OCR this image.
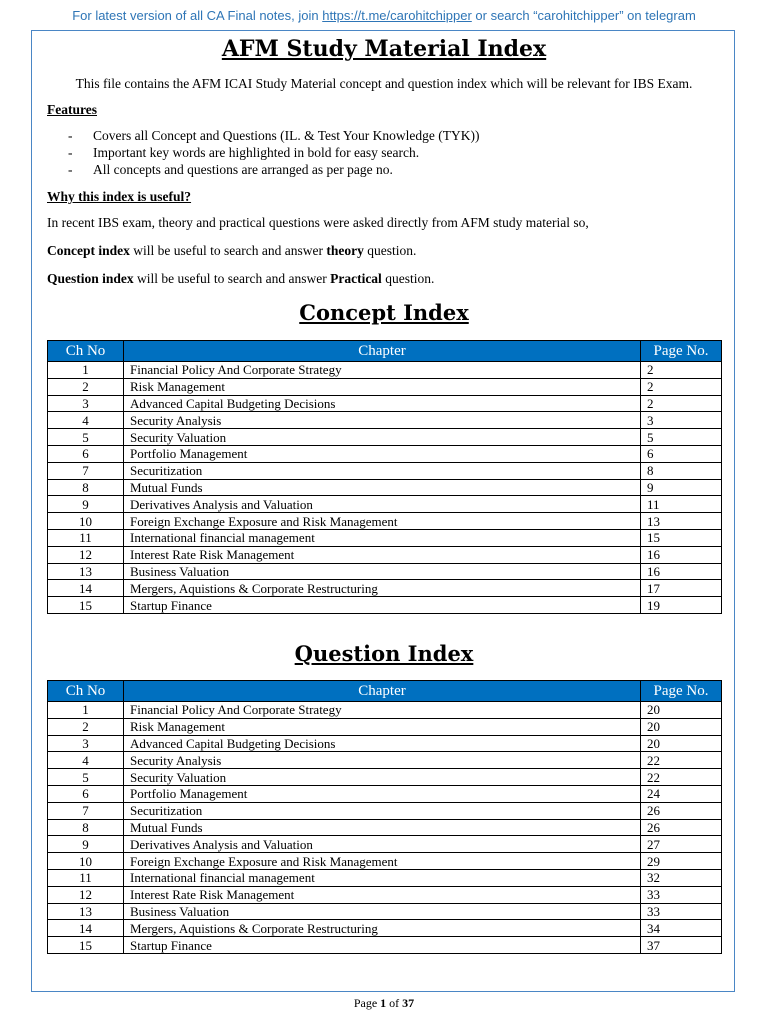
For latest version of all CA Final notes, join https://t.me/carohitchipper or search “carohitchipper” on telegram
AFM Study Material Index
This file contains the AFM ICAI Study Material concept and question index which will be relevant for IBS Exam.
Features
- Covers all Concept and Questions (IL. & Test Your Knowledge (TYK))
- Important key words are highlighted in bold for easy search.
- All concepts and questions are arranged as per page no.
Why this index is useful?
In recent IBS exam, theory and practical questions were asked directly from AFM study material so,
Concept index will be useful to search and answer theory question.
Question index will be useful to search and answer Practical question.
Concept Index
Ch No	Chapter	Page No.
1	Financial Policy And Corporate Strategy	2
2	Risk Management	2
3	Advanced Capital Budgeting Decisions	2
4	Security Analysis	3
5	Security Valuation	5
6	Portfolio Management	6
7	Securitization	8
8	Mutual Funds	9
9	Derivatives Analysis and Valuation	11
10	Foreign Exchange Exposure and Risk Management	13
11	International financial management	15
12	Interest Rate Risk Management	16
13	Business Valuation	16
14	Mergers, Aquistions & Corporate Restructuring	17
15	Startup Finance	19
Question Index
Ch No	Chapter	Page No.
1	Financial Policy And Corporate Strategy	20
2	Risk Management	20
3	Advanced Capital Budgeting Decisions	20
4	Security Analysis	22
5	Security Valuation	22
6	Portfolio Management	24
7	Securitization	26
8	Mutual Funds	26
9	Derivatives Analysis and Valuation	27
10	Foreign Exchange Exposure and Risk Management	29
11	International financial management	32
12	Interest Rate Risk Management	33
13	Business Valuation	33
14	Mergers, Aquistions & Corporate Restructuring	34
15	Startup Finance	37
Page 1 of 37
